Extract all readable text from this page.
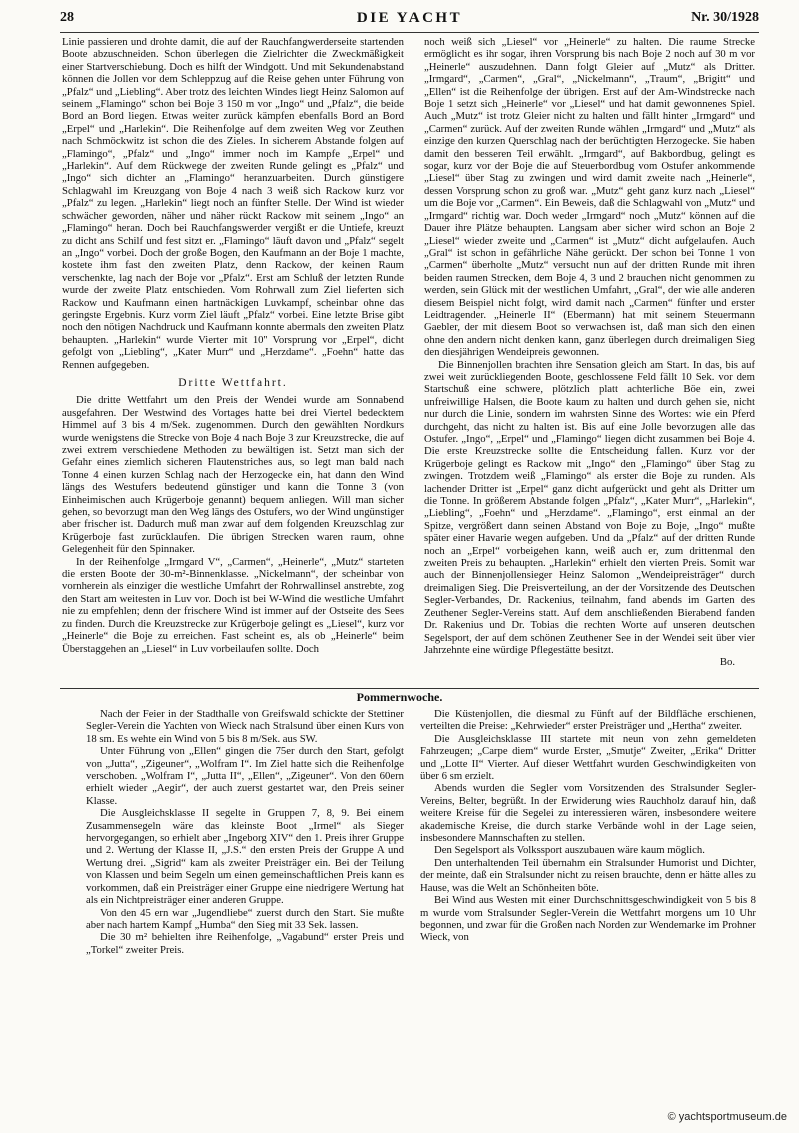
28	DIE YACHT	Nr. 30/1928

Linie passieren und drohte damit, die auf der Rauchfangwerderseite startenden Boote abzuschneiden. Schon überlegen die Zielrichter die Zweckmäßigkeit einer Startverschiebung. Doch es hilft der Windgott. Und mit Sekundenabstand können die Jollen vor dem Schleppzug auf die Reise gehen unter Führung von „Pfalz“ und „Liebling“. Aber trotz des leichten Windes liegt Heinz Salomon auf seinem „Flamingo“ schon bei Boje 3 150 m vor „Ingo“ und „Pfalz“, die beide Bord an Bord liegen. Etwas weiter zurück kämpfen ebenfalls Bord an Bord „Erpel“ und „Harlekin“. Die Reihenfolge auf dem zweiten Weg vor Zeuthen nach Schmöckwitz ist schon die des Zieles. In sicherem Abstande folgen auf „Flamingo“, „Pfalz“ und „Ingo“ immer noch im Kampfe „Erpel“ und „Harlekin“. Auf dem Rückwege der zweiten Runde gelingt es „Pfalz“ und „Ingo“ sich dichter an „Flamingo“ heranzuarbeiten. Durch günstigere Schlagwahl im Kreuzgang von Boje 4 nach 3 weiß sich Rackow kurz vor „Pfalz“ zu legen. „Harlekin“ liegt noch an fünfter Stelle. Der Wind ist wieder schwächer geworden, näher und näher rückt Rackow mit seinem „Ingo“ an „Flamingo“ heran. Doch bei Rauchfangswerder vergißt er die Untiefe, kreuzt zu dicht ans Schilf und fest sitzt er. „Flamingo“ läuft davon und „Pfalz“ segelt an „Ingo“ vorbei. Doch der große Bogen, den Kaufmann an der Boje 1 machte, kostete ihm fast den zweiten Platz, denn Rackow, der keinen Raum verschenkte, lag nach der Boje vor „Pfalz“. Erst am Schluß der letzten Runde wurde der zweite Platz entschieden. Vom Rohrwall zum Ziel lieferten sich Rackow und Kaufmann einen hartnäckigen Luvkampf, scheinbar ohne das geringste Ergebnis. Kurz vorm Ziel läuft „Pfalz“ vorbei. Eine letzte Brise gibt noch den nötigen Nachdruck und Kaufmann konnte abermals den zweiten Platz behaupten. „Harlekin“ wurde Vierter mit 10'' Vorsprung vor „Erpel“, dicht gefolgt von „Liebling“, „Kater Murr“ und „Herzdame“. „Foehn“ hatte das Rennen aufgegeben.

Dritte Wettfahrt.

Die dritte Wettfahrt um den Preis der Wendei wurde am Sonnabend ausgefahren. Der Westwind des Vortages hatte bei drei Viertel bedecktem Himmel auf 3 bis 4 m/Sek. zugenommen. Durch den gewählten Nordkurs wurde wenigstens die Strecke von Boje 4 nach Boje 3 zur Kreuzstrecke, die auf zwei extrem verschiedene Methoden zu bewältigen ist. Setzt man sich der Gefahr eines ziemlich sicheren Flautenstriches aus, so legt man bald nach Tonne 4 einen kurzen Schlag nach der Herzogecke ein, hat dann den Wind längs des Westufers bedeutend günstiger und kann die Tonne 3 (von Einheimischen auch Krügerboje genannt) bequem anliegen. Will man sicher gehen, so bevorzugt man den Weg längs des Ostufers, wo der Wind ungünstiger aber frischer ist. Dadurch muß man zwar auf dem folgenden Kreuzschlag zur Krügerboje fast zurücklaufen. Die übrigen Strecken waren raum, ohne Gelegenheit für den Spinnaker.

In der Reihenfolge „Irmgard V“, „Carmen“, „Heinerle“, „Mutz“ starteten die ersten Boote der 30-m²-Binnenklasse. „Nickelmann“, der scheinbar von vornherein als einziger die westliche Umfahrt der Rohrwallinsel anstrebte, zog den Start am weitesten in Luv vor. Doch ist bei W-Wind die westliche Umfahrt nie zu empfehlen; denn der frischere Wind ist immer auf der Ostseite des Sees zu finden. Durch die Kreuzstrecke zur Krügerboje gelingt es „Liesel“, kurz vor „Heinerle“ die Boje zu erreichen. Fast scheint es, als ob „Heinerle“ beim Überstaggehen an „Liesel“ in Luv vorbeilaufen sollte. Doch

noch weiß sich „Liesel“ vor „Heinerle“ zu halten. Die raume Strecke ermöglicht es ihr sogar, ihren Vorsprung bis nach Boje 2 noch auf 30 m vor „Heinerle“ auszudehnen. Dann folgt Gleier auf „Mutz“ als Dritter. „Irmgard“, „Carmen“, „Gral“, „Nickelmann“, „Traum“, „Brigitt“ und „Ellen“ ist die Reihenfolge der übrigen. Erst auf der Am-Windstrecke nach Boje 1 setzt sich „Heinerle“ vor „Liesel“ und hat damit gewonnenes Spiel. Auch „Mutz“ ist trotz Gleier nicht zu halten und fällt hinter „Irmgard“ und „Carmen“ zurück. Auf der zweiten Runde wählen „Irmgard“ und „Mutz“ als einzige den kurzen Querschlag nach der berüchtigten Herzogecke. Sie haben damit den besseren Teil erwählt. „Irmgard“, auf Bakbordbug, gelingt es sogar, kurz vor der Boje die auf Steuerbordbug vom Ostufer ankommende „Liesel“ über Stag zu zwingen und wird damit zweite nach „Heinerle“, dessen Vorsprung schon zu groß war. „Mutz“ geht ganz kurz nach „Liesel“ um die Boje vor „Carmen“. Ein Beweis, daß die Schlagwahl von „Mutz“ und „Irmgard“ richtig war. Doch weder „Irmgard“ noch „Mutz“ können auf die Dauer ihre Plätze behaupten. Langsam aber sicher wird schon an Boje 2 „Liesel“ wieder zweite und „Carmen“ ist „Mutz“ dicht aufgelaufen. Auch „Gral“ ist schon in gefährliche Nähe gerückt. Der schon bei Tonne 1 von „Carmen“ überholte „Mutz“ versucht nun auf der dritten Runde mit ihren beiden raumen Strecken, dem Boje 4, 3 und 2 brauchen nicht genommen zu werden, sein Glück mit der westlichen Umfahrt, „Gral“, der wie alle anderen diesem Beispiel nicht folgt, wird damit nach „Carmen“ fünfter und erster Leidtragender. „Heinerle II“ (Ebermann) hat mit seinem Steuermann Gaebler, der mit diesem Boot so verwachsen ist, daß man sich den einen ohne den andern nicht denken kann, ganz überlegen durch dreimaligen Sieg den diesjährigen Wendeipreis gewonnen.

Die Binnenjollen brachten ihre Sensation gleich am Start. In das, bis auf zwei weit zurückliegenden Boote, geschlossene Feld fällt 10 Sek. vor dem Startschuß eine schwere, plötzlich platt achterliche Böe ein, zwei unfreiwillige Halsen, die Boote kaum zu halten und durch gehen sie, nicht nur durch die Linie, sondern im wahrsten Sinne des Wortes: wie ein Pferd durchgeht, das nicht zu halten ist. Bis auf eine Jolle bevorzugen alle das Ostufer. „Ingo“, „Erpel“ und „Flamingo“ liegen dicht zusammen bei Boje 4. Die erste Kreuzstrecke sollte die Entscheidung fallen. Kurz vor der Krügerboje gelingt es Rackow mit „Ingo“ den „Flamingo“ über Stag zu zwingen. Trotzdem weiß „Flamingo“ als erster die Boje zu runden. Als lachender Dritter ist „Erpel“ ganz dicht aufgerückt und geht als Dritter um die Tonne. In größerem Abstande folgen „Pfalz“, „Kater Murr“, „Harlekin“, „Liebling“, „Foehn“ und „Herzdame“. „Flamingo“, erst einmal an der Spitze, vergrößert dann seinen Abstand von Boje zu Boje, „Ingo“ mußte später einer Havarie wegen aufgeben. Und da „Pfalz“ auf der dritten Runde noch an „Erpel“ vorbeigehen kann, weiß auch er, zum drittenmal den zweiten Preis zu behaupten. „Harlekin“ erhielt den vierten Preis. Somit war auch der Binnenjollensieger Heinz Salomon „Wendeipreisträger“ durch dreimaligen Sieg. Die Preisverteilung, an der der Vorsitzende des Deutschen Segler-Verbandes, Dr. Rackenius, teilnahm, fand abends im Garten des Zeuthener Segler-Vereins statt. Auf dem anschließenden Bierabend fanden Dr. Rakenius und Dr. Tobias die rechten Worte auf unseren deutschen Segelsport, der auf dem schönen Zeuthener See in der Wendei seit über vier Jahrzehnte eine würdige Pflegestätte besitzt.

Bo.
Pommernwoche.

Nach der Feier in der Stadthalle von Greifswald schickte der Stettiner Segler-Verein die Yachten von Wieck nach Stralsund über einen Kurs von 18 sm. Es wehte ein Wind von 5 bis 8 m/Sek. aus SW.

Unter Führung von „Ellen“ gingen die 75er durch den Start, gefolgt von „Jutta“, „Zigeuner“, „Wolfram I“. Im Ziel hatte sich die Reihenfolge verschoben. „Wolfram I“, „Jutta II“, „Ellen“, „Zigeuner“. Von den 60ern erhielt wieder „Aegir“, der auch zuerst gestartet war, den Preis seiner Klasse.

Die Ausgleichsklasse II segelte in Gruppen 7, 8, 9. Bei einem Zusammensegeln wäre das kleinste Boot „Irmel“ als Sieger hervorgegangen, so erhielt aber „Ingeborg XIV“ den 1. Preis ihrer Gruppe und 2. Wertung der Klasse II, „J.S.“ den ersten Preis der Gruppe A und Wertung drei. „Sigrid“ kam als zweiter Preisträger ein. Bei der Teilung von Klassen und beim Segeln um einen gemeinschaftlichen Preis kann es vorkommen, daß ein Preisträger einer Gruppe eine niedrigere Wertung hat als ein Nichtpreisträger einer anderen Gruppe.

Von den 45 ern war „Jugendliebe“ zuerst durch den Start. Sie mußte aber nach hartem Kampf „Humba“ den Sieg mit 33 Sek. lassen.

Die 30 m² behielten ihre Reihenfolge, „Vagabund“ erster Preis und „Torkel“ zweiter Preis.

Die Küstenjollen, die diesmal zu Fünft auf der Bildfläche erschienen, verteilten die Preise: „Kehrwieder“ erster Preisträger und „Hertha“ zweiter.

Die Ausgleichsklasse III startete mit neun von zehn gemeldeten Fahrzeugen; „Carpe diem“ wurde Erster, „Smutje“ Zweiter, „Erika“ Dritter und „Lotte II“ Vierter. Auf dieser Wettfahrt wurden Geschwindigkeiten von über 6 sm erzielt.

Abends wurden die Segler vom Vorsitzenden des Stralsunder Segler-Vereins, Belter, begrüßt. In der Erwiderung wies Rauchholz darauf hin, daß weitere Kreise für die Segelei zu interessieren wären, insbesondere weitere akademische Kreise, die durch starke Verbände wohl in der Lage seien, insbesondere Mannschaften zu stellen.

Den Segelsport als Volkssport auszubauen wäre kaum möglich.

Den unterhaltenden Teil übernahm ein Stralsunder Humorist und Dichter, der meinte, daß ein Stralsunder nicht zu reisen brauchte, denn er hätte alles zu Hause, was die Welt an Schönheiten böte.

Bei Wind aus Westen mit einer Durchschnittsgeschwindigkeit von 5 bis 8 m wurde vom Stralsunder Segler-Verein die Wettfahrt morgens um 10 Uhr begonnen, und zwar für die Großen nach Norden zur Wendemarke im Prohner Wieck, von

© yachtsportmuseum.de
